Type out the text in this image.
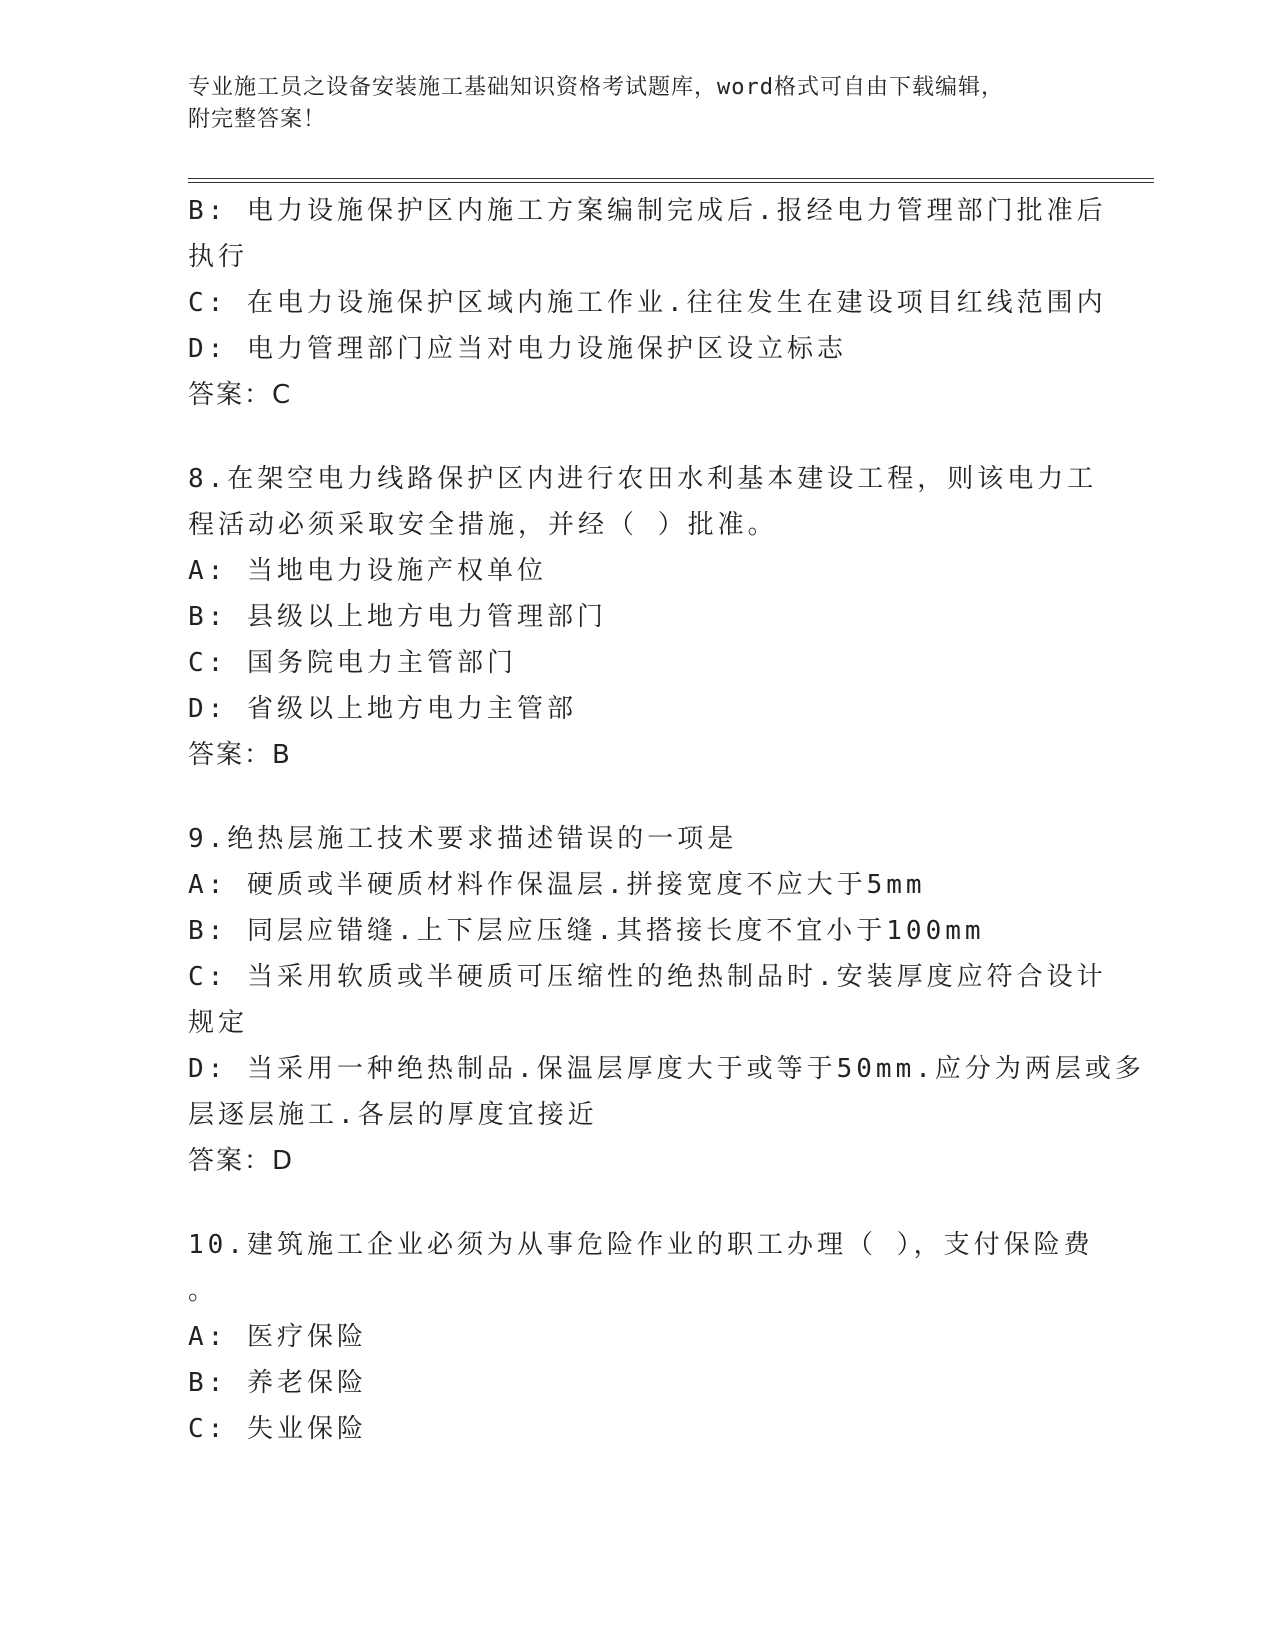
专业施工员之设备安装施工基础知识资格考试题库，word格式可自由下载编辑，
附完整答案！
B: 电力设施保护区内施工方案编制完成后.报经电力管理部门批准后
执行
C: 在电力设施保护区域内施工作业.往往发生在建设项目红线范围内
D: 电力管理部门应当对电力设施保护区设立标志
答案：C
8.在架空电力线路保护区内进行农田水利基本建设工程，则该电力工
程活动必须采取安全措施，并经（ ）批准。
A: 当地电力设施产权单位
B: 县级以上地方电力管理部门
C: 国务院电力主管部门
D: 省级以上地方电力主管部
答案：B
9.绝热层施工技术要求描述错误的一项是
A: 硬质或半硬质材料作保温层.拼接宽度不应大于5mm
B: 同层应错缝.上下层应压缝.其搭接长度不宜小于100mm
C: 当采用软质或半硬质可压缩性的绝热制品时.安装厚度应符合设计
规定
D: 当采用一种绝热制品.保温层厚度大于或等于50mm.应分为两层或多
层逐层施工.各层的厚度宜接近
答案：D
10.建筑施工企业必须为从事危险作业的职工办理（ ），支付保险费
。
A: 医疗保险
B: 养老保险
C: 失业保险
